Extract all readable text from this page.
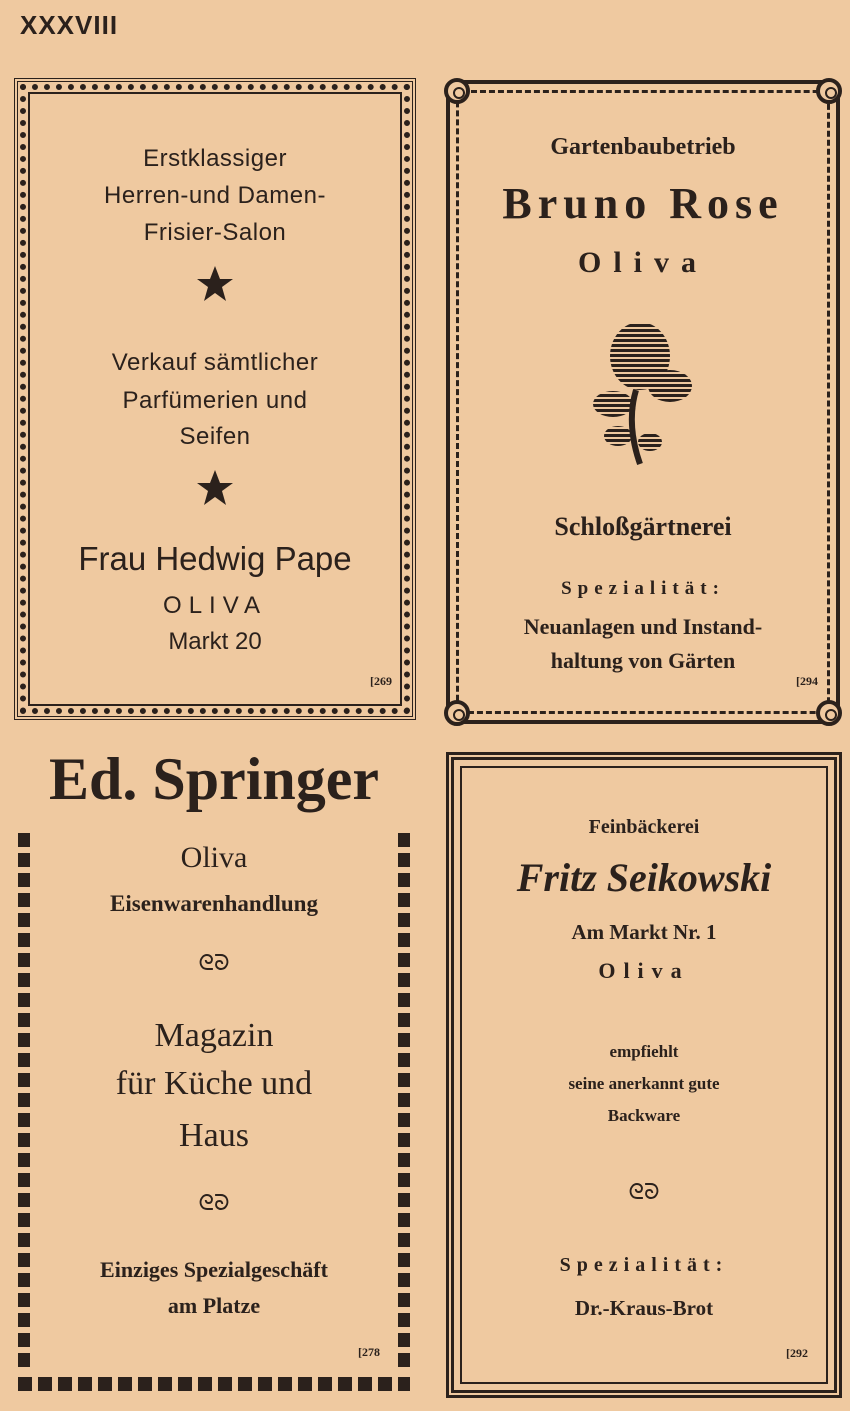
XXXVIII
Erstklassiger
Herren-und Damen-
Frisier-Salon
Verkauf sämtlicher
Parfümerien und
Seifen
Frau Hedwig Pape
OLIVA
Markt 20
[269
Gartenbaubetrieb
Bruno Rose
Oliva
Schloßgärtnerei
Spezialität:
Neuanlagen und Instand-
haltung von Gärten
[294
Ed. Springer
Oliva
Eisenwarenhandlung
ᘓᘐ
Magazin
für Küche und
Haus
ᘓᘐ
Einziges Spezialgeschäft
am Platze
[278
Feinbäckerei
Fritz Seikowski
Am Markt Nr. 1
Oliva
empfiehlt
seine anerkannt gute
Backware
ᘓᘐ
Spezialität:
Dr.-Kraus-Brot
[292
